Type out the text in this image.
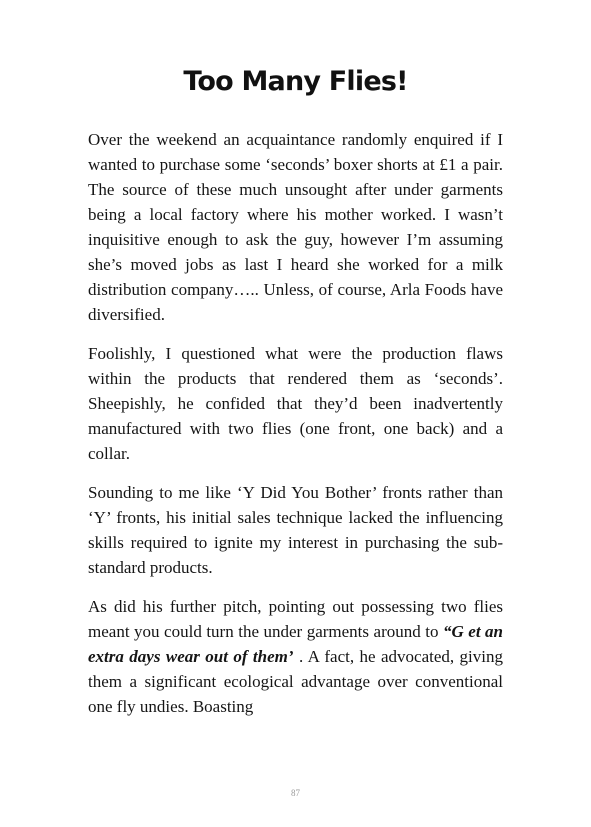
Too Many Flies!

Over the weekend an acquaintance randomly enquired if I wanted to purchase some ‘seconds’ boxer shorts at £1 a pair. The source of these much unsought after under garments being a local factory where his mother worked. I wasn’t inquisitive enough to ask the guy, however I’m assuming she’s moved jobs as last I heard she worked for a milk distribution company….. Unless, of course, Arla Foods have diversified.

Foolishly, I questioned what were the production flaws within the products that rendered them as ‘seconds’. Sheepishly, he confided that they’d been inadvertently manufactured with two flies (one front, one back) and a collar.

Sounding to me like ‘Y Did You Bother’ fronts rather than ‘Y’ fronts, his initial sales technique lacked the influencing skills required to ignite my interest in purchasing the sub-standard products.

As did his further pitch, pointing out possessing two flies meant you could turn the under garments around to “G et an extra days wear out of them’ . A fact, he advocated, giving them a significant ecological advantage over conventional one fly undies. Boasting

87
